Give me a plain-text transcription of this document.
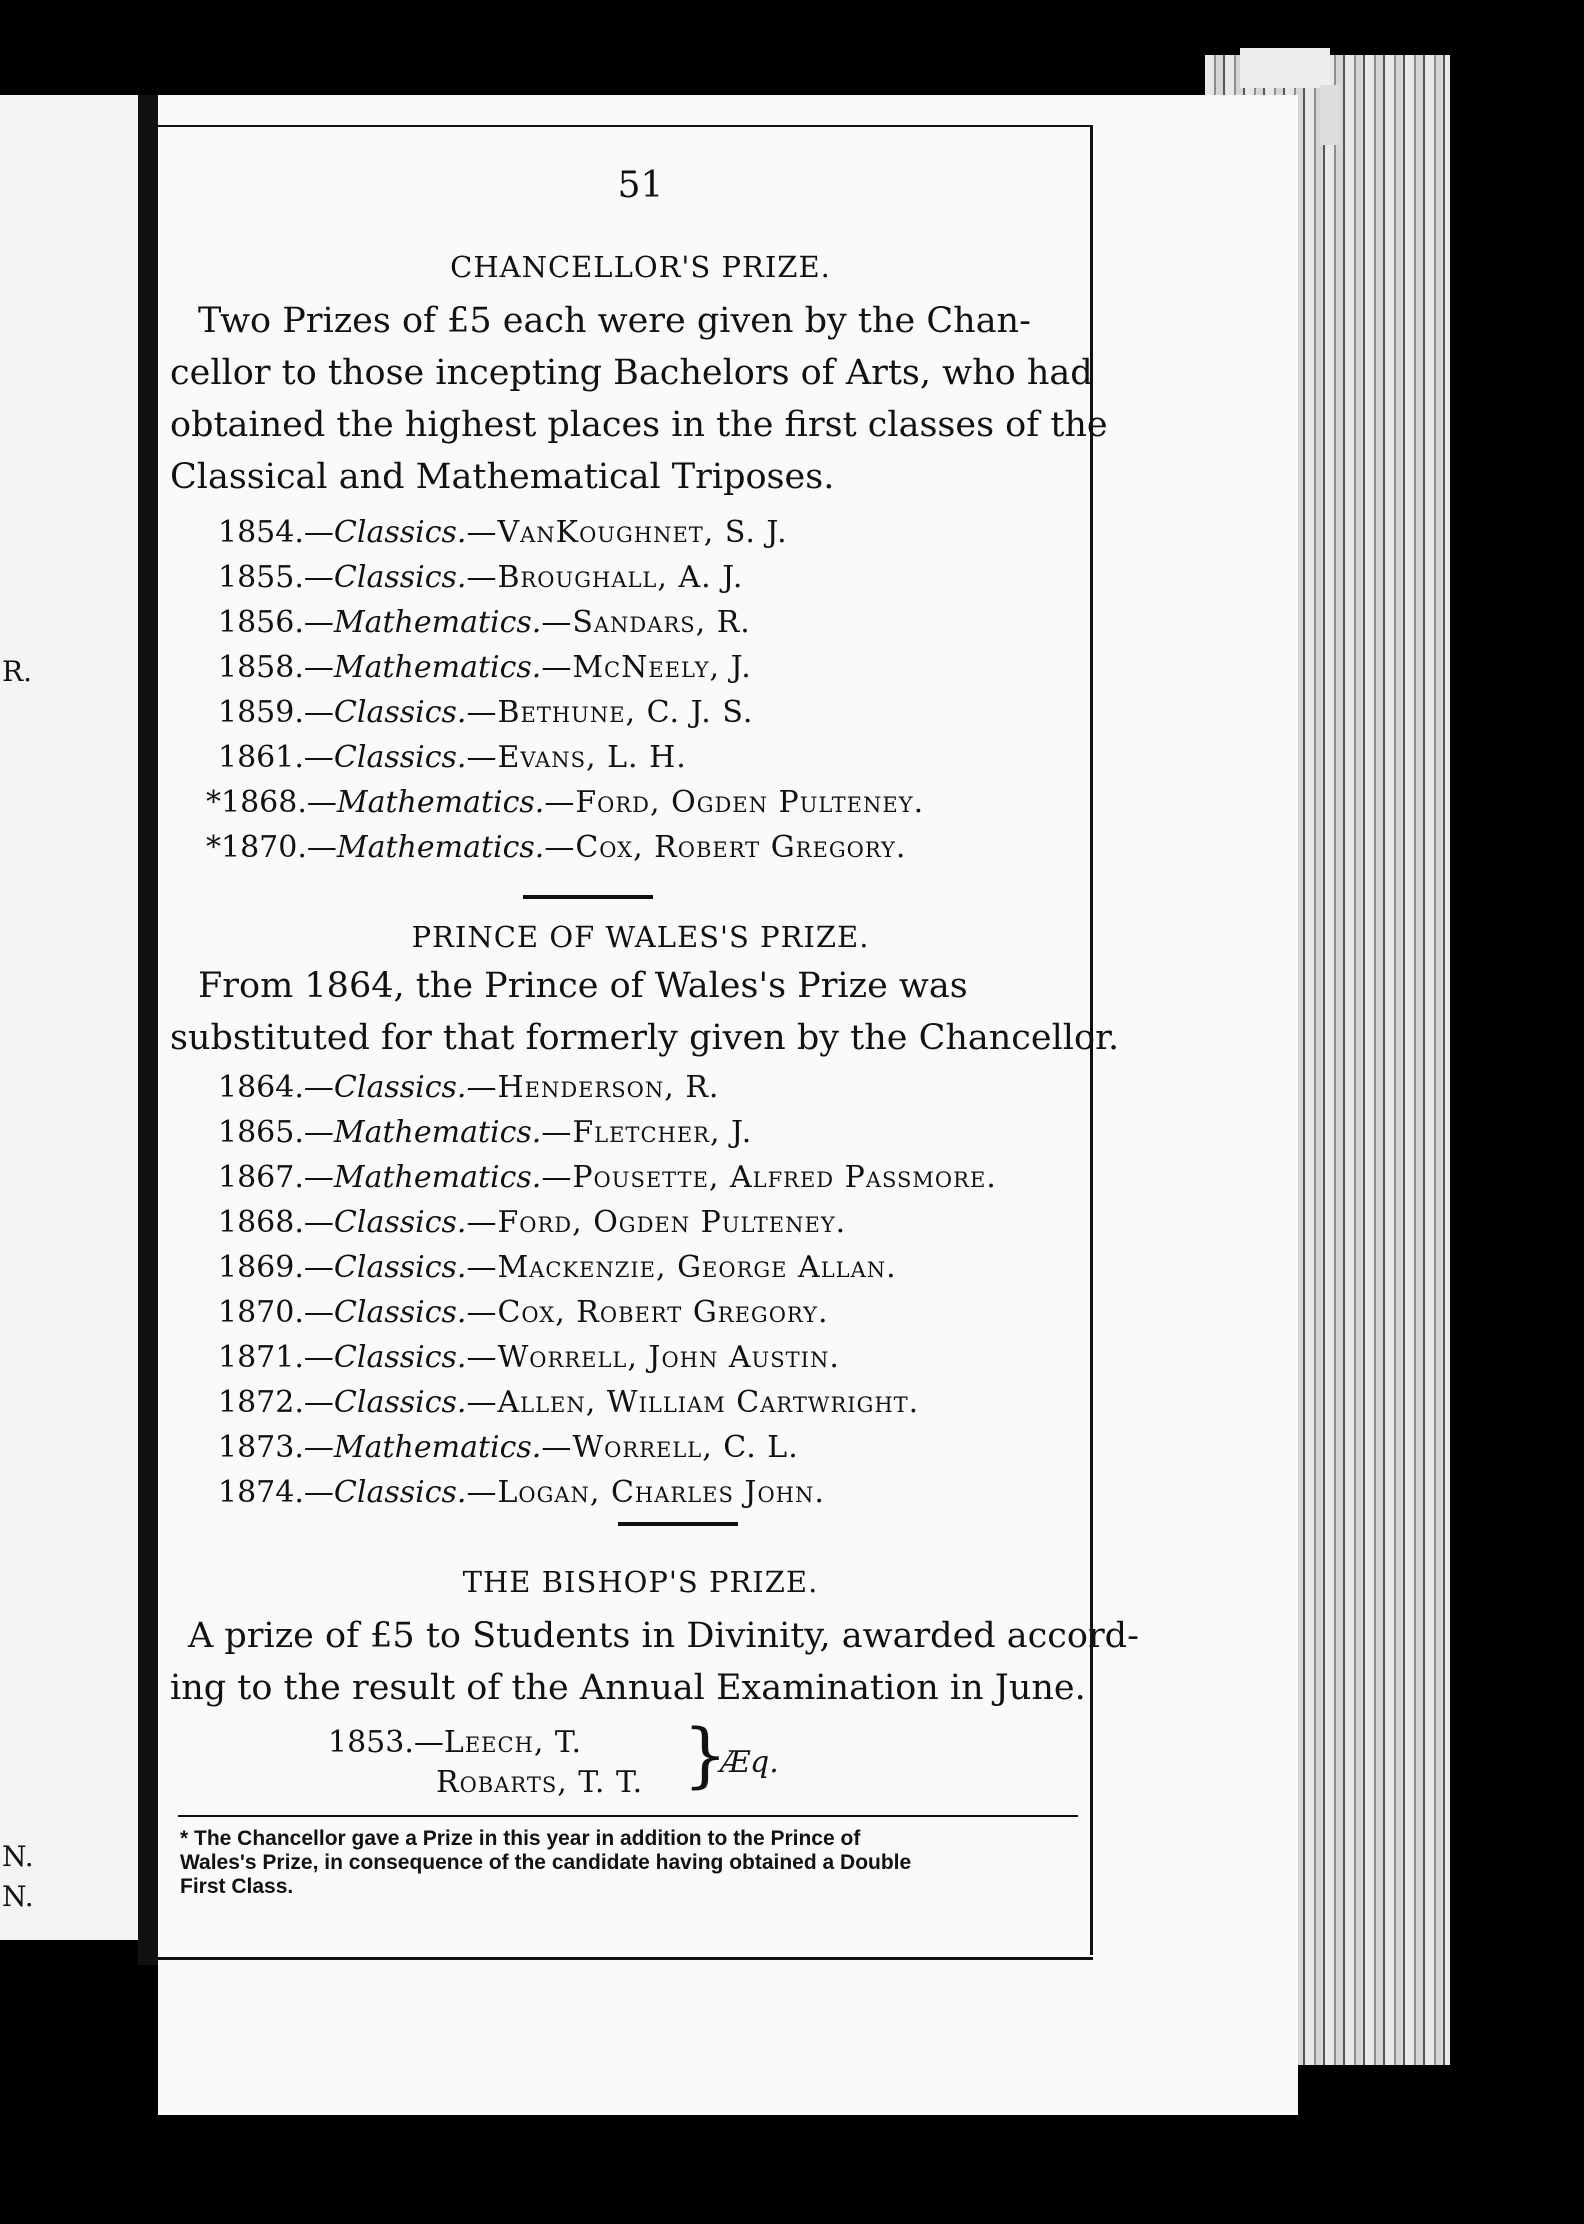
R.
N.
N.
51
CHANCELLOR'S PRIZE.
Two Prizes of £5 each were given by the Chan-
cellor to those incepting Bachelors of Arts, who had
obtained the highest places in the first classes of the
Classical and Mathematical Triposes.
1854.—Classics.—VanKoughnet, S. J.
1855.—Classics.—Broughall, A. J.
1856.—Mathematics.—Sandars, R.
1858.—Mathematics.—McNeely, J.
1859.—Classics.—Bethune, C. J. S.
1861.—Classics.—Evans, L. H.
*1868.—Mathematics.—Ford, Ogden Pulteney.
*1870.—Mathematics.—Cox, Robert Gregory.
PRINCE OF WALES'S PRIZE.
From 1864, the Prince of Wales's Prize was
substituted for that formerly given by the Chancellor.
1864.—Classics.—Henderson, R.
1865.—Mathematics.—Fletcher, J.
1867.—Mathematics.—Pousette, Alfred Passmore.
1868.—Classics.—Ford, Ogden Pulteney.
1869.—Classics.—Mackenzie, George Allan.
1870.—Classics.—Cox, Robert Gregory.
1871.—Classics.—Worrell, John Austin.
1872.—Classics.—Allen, William Cartwright.
1873.—Mathematics.—Worrell, C. L.
1874.—Classics.—Logan, Charles John.
THE BISHOP'S PRIZE.
A prize of £5 to Students in Divinity, awarded accord-
ing to the result of the Annual Examination in June.
1853.—Leech, T.
Robarts, T. T. }
Æq.
* The Chancellor gave a Prize in this year in addition to the Prince of
Wales's Prize, in consequence of the candidate having obtained a Double
First Class.
